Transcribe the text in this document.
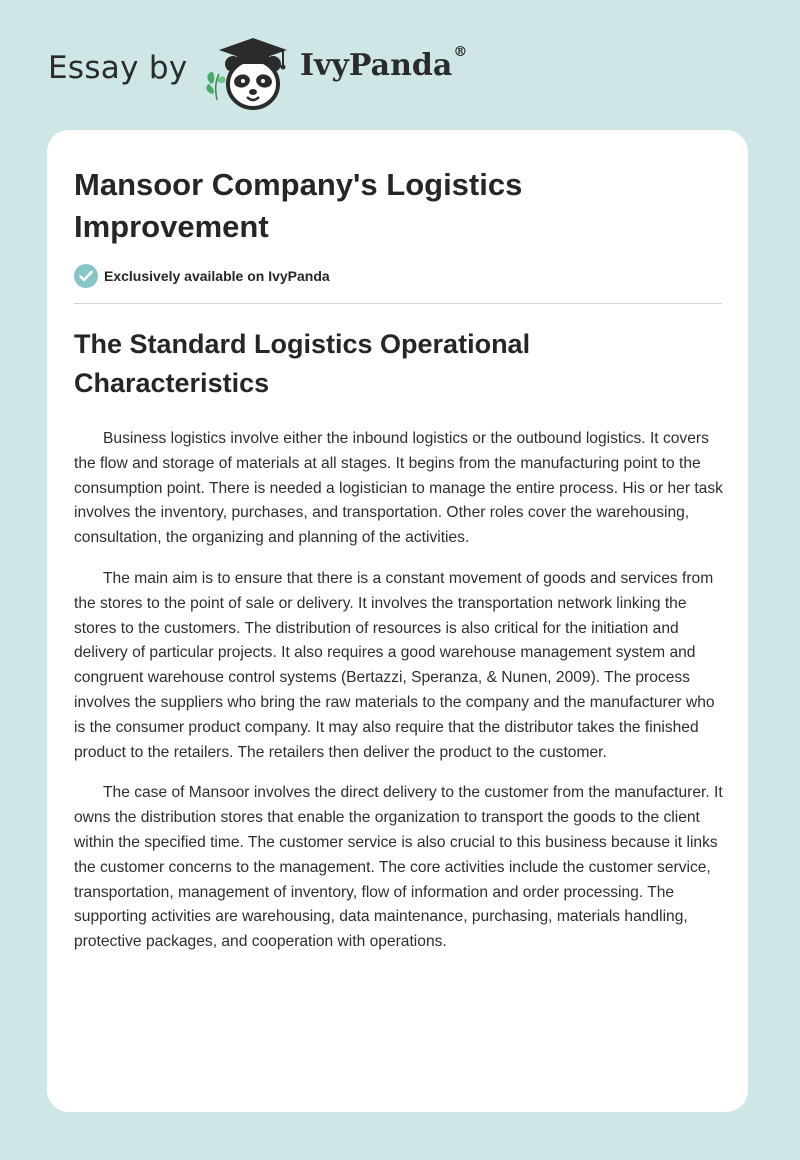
Essay by	IvyPanda®
Mansoor Company's Logistics Improvement
Exclusively available on IvyPanda
The Standard Logistics Operational Characteristics

Business logistics involve either the inbound logistics or the outbound logistics. It covers the flow and storage of materials at all stages. It begins from the manufacturing point to the consumption point. There is needed a logistician to manage the entire process. His or her task involves the inventory, purchases, and transportation. Other roles cover the warehousing, consultation, the organizing and planning of the activities.

The main aim is to ensure that there is a constant movement of goods and services from the stores to the point of sale or delivery. It involves the transportation network linking the stores to the customers. The distribution of resources is also critical for the initiation and delivery of particular projects. It also requires a good warehouse management system and congruent warehouse control systems (Bertazzi, Speranza, & Nunen, 2009). The process involves the suppliers who bring the raw materials to the company and the manufacturer who is the consumer product company. It may also require that the distributor takes the finished product to the retailers. The retailers then deliver the product to the customer.

The case of Mansoor involves the direct delivery to the customer from the manufacturer. It owns the distribution stores that enable the organization to transport the goods to the client within the specified time. The customer service is also crucial to this business because it links the customer concerns to the management. The core activities include the customer service, transportation, management of inventory, flow of information and order processing. The supporting activities are warehousing, data maintenance, purchasing, materials handling, protective packages, and cooperation with operations.
